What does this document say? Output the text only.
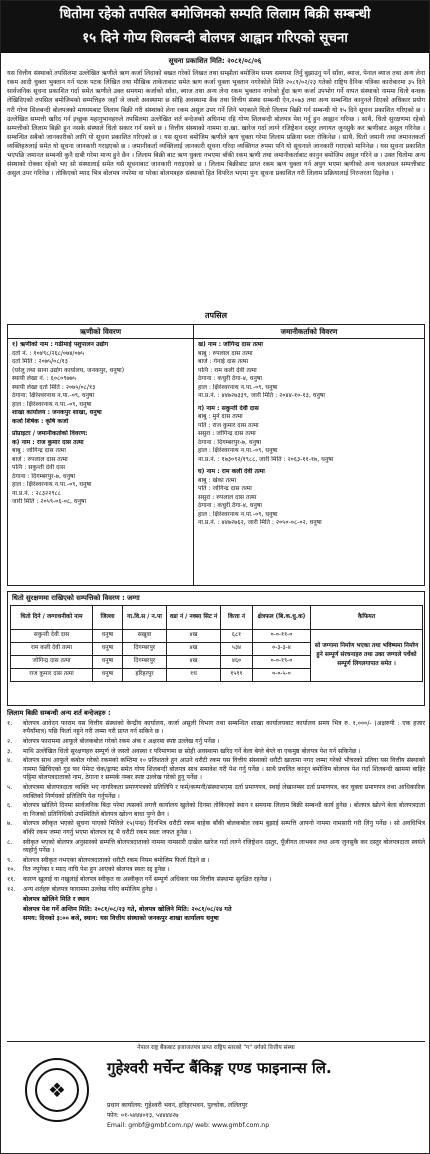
धितोमा रहेको तपसिल बमोजिमको सम्पति लिलाम बिक्री सम्बन्धी
१५ दिने गोप्य शिलबन्दी बोलपत्र आह्वान गरिएको सूचना
सूचना प्रकाशित मिति: २०८१/०८/०६
यस वित्तीय संस्थाको तपसिलमा उल्लेखित ऋणीले ऋण कर्जा लिदाको बखत गरेको लिखत तथा सम्झौता बमोजिम समय समयमा तिर्नु बुझाउनु पर्ने साँवा, ब्याज, पेनाल ब्याज तथा अन्य लेना रकम आदी चुक्ता भुक्तान गर्न पटक पटक लिखित तथा मौखिक ताकेताबाट समेत ऋण कर्जा चुक्ता भुक्तान नगरेकोले मिति २०८१/०२/२३ गतेको राष्ट्रिय दैनिक पत्रिका कारोबारमा ३५ दिने सार्वजनिक सूचना प्रकाशित गर्दा समेत ऋणीले उक्त समयमा कर्जाको साँवा, ब्याज तथा अन्य लेना रकम भुक्तान नगरेको हुँदा ऋण कर्जा उपभोग गर्ने वापत संस्थाको नाममा धितो बन्धक लेखिदिएको तपसिल बमोजिमको सम्पत्तिहरु जहाँ जे जस्तो अवस्थामा छ सोहि अवस्थामा बैंक तथा वित्तीय संस्था सम्बन्धी ऐन,२०७३ तथा अन्य सम्बन्धित कानुनले दिएको अधिकार प्रयोग गरी गोप्य शिलबन्दी बोलपत्रको माध्यमबाट लिलाम बिक्री गरी संस्थाको लेना रकम असुल उपर गर्ने लिने भएकाले धितो लिलाम बिक्री गर्न सम्बन्धी यो १५ दिने सूचना प्रकाशित गरिएको छ । उल्लेखित सम्पत्ती खरिद गर्न इच्छुक महानुभावहरुले तपसिलमा उल्लेखित शर्त बन्देजको अधिनमा रहि गोप्य शिलबन्दी बोलपत्र पेश गर्नु हुन आह्वान गरिन्छ । साथै, धितो सुरक्षणमा रहेको सम्पत्तीको लिलाम बिक्री हुन नसके संस्थाले धितो सकार गर्न सक्ने छ । वित्तीय संस्थाको नाममा दा.खा. खारेज गर्दा लाग्ने रजिष्ट्रेशन दस्तुर लगायत जुनसुकै कर ऋणीबाट असुल गरिनेछ । सम्बन्धित सबैको जानकारीको लागि यो सूचना प्रकाशित गरिएको छ । यस सूचना बमोजिम ऋणीले ऋण चुक्ता गरेमा लिलाम प्रक्रिया स्वतः रोकिनेछ । साथै, धितो जमानी तथा जमानतकर्ता व्यक्तिहरुलाई समेत यो सूचना जानकारी गराइएको छ । जमानीकर्ता व्यक्तिलाई जानकारी सूचना गरिदा व्यक्तिगत रुपमा पनि यो सूचनाले जानकारी गराएको मानिनेछ । यस सूचना प्रकाशित भएपछि जमानत सम्बन्धी कुनै दाबी गरेमा मान्य हुने छैन । लिलाम बिक्री बाट ऋण चुक्ता नभएमा बाँकी रकम ऋणी तथा जमानीकर्ताबाट कानुन बमोजिम असुल गरिने छ । उक्त धितोमा अन्य संस्थाको रोक्का रहेको भए सो संस्थालाई समेत यसै सूचनाबाट जानकारी गराइएको छ । लिलाम बिक्रीबाट प्राप्त रकम ऋण चुक्ता गर्न अपुग भएमा ऋणीको अन्य चलअचल सम्पत्तीबाट असुल उपर गरिनेछ । तोकिएको म्याद भित्र बोलपत्र नपरेमा वा परेका बोलपत्रहरु संस्थाको हित विपरित भएमा पुनः सूचना प्रकाशित गरी लिलाम प्रक्रियालाई निरन्तरता दिइनेछ ।
तपसिल
ऋणीको विवरण	जमानीकर्ताको विवरण
१) ऋणीको नाम : गढीमाई पशुपालन उद्योग
दर्ता नं. : १०४९८/२६८/०७४/०७५
दर्ता मिति : २०७५/०८/१३
(घरेलु तथा साना उद्योग कार्यालय, जनकपुर, धनुषा)
स्थायी लेखा नं. : ६०८०९७७५
स्थायी लेखा दर्ता मिति : २०७५/०८/१३
ठेगाना: क्षिरेश्वरनाथ न.पा.-०९, धनुषा
हाल : क्षिरेश्वरनाथ न.पा.-०९, धनुषा
शाखा कार्यालय : जनकपुर शाखा, धनुषा
कर्जा शिर्षक : कृषि कर्जा
प्रोप्राइटर / जमानीकर्ताको विवरण:
क) नाम : राज कुमार दास तत्मा
बाबु : जोगिन्द्र दास तत्मा
बाजे : रुपलाल दास तत्मा
पत्नि : सकुन्ती देवी दास
ठेगाना : दिगम्बरपुर-७, धनुषा
हाल : क्षिरेश्वरनाथ न.पा.-०९, धनुषा
ना.प्र.नं. : २८३२२९८८
जारी मिति : २०५९-०६-०८, धनुषा
ख) नाम : जोगिन्द्र दास तत्मा
बाबु : रुपलाल दास तत्मा
बाजे : गेनाई दास तत्मा
पत्नि : राम कली देवी तत्मा
ठेगाना : कचुरी ठेंगा-४, धनुषा
हाल : क्षिरेश्वरनाथ न.पा.-०९, धनुषा
ना.प्र.नं. : ४४७२७३३९, जारी मिति : २०४४-१०-१३, धनुषा
ग) नाम : सकुन्ती देवी दास
बाबु : मुने दास तत्मा
पति : राज कुमार दास तत्मा
ससुरा : जोगिन्द्र दास तत्मा
ठेगाना : दिगम्बरपुर-७, धनुषा
हाल : क्षिरेश्वरनाथ न.पा.-०९, धनुषा
ना.प्र.नं. : १७३०९२/१९८८, जारी मिति : २०६३-११-१७, धनुषा
घ) नाम : राम कली देवी तत्मा
बाबु : खेका तत्मा
पति : जोगिन्द्र दास तत्मा
ससुरा : रुपलाल दास तत्मा
ठेगाना : कचुरी ठेंगा-४, धनुषा
हाल : क्षिरेश्वरनाथ न.पा.-०९, धनुषा
ना.प्र.नं. : ४४७२७६२, जारी मिति : २०५०-०८-०२, धनुषा
धितो सुरक्षणमा राखिएको सम्पत्तिको विवरण : जग्गा
धितो दिने / जग्गाधनीको नाम	जिल्ला	गा.वि.स / न.पा	वडा नं / नक्सा सिट नं	कित्ता नं	क्षेत्रफल (बि.क.धु.क)	कैफियत
सकुन्ती देवी दास	धनुषा	सखुवा	४ख	६८१	०-०-११-०	सो जग्गामा निर्माण भएका तथा भविष्यमा निर्माण हुने सम्पूर्ण संरचनाहरु तथा उक्त जग्गाले पर्चेको सम्पूर्ण लिगलगापात समेत ।
राम कली देवी तत्मा	धनुषा	दिगम्बरपुर	४ख	५३४	०-३-३-४	
जोगिन्द्र दास तत्मा	धनुषा	दिगम्बरपुर	४ख	४६०	०-०-१९-०	
राज कुमार दास तत्मा	धनुषा	हरिहरपुर	१ध	१५११	०-०-५-०	
लिलाम बिक्री सम्बन्धी अन्य शर्त बन्देजहरु :
१.	बोलपत्र आवेदन फाराम यस वित्तीय संस्थाको केन्द्रीय कार्यालय, कर्जा असुली विभाग तथा सम्बन्धित शाखा कार्यालयबाट कार्यालय समय भित्र रु. १,०००/- (अक्षरुपी : एक हजार रुपैयाँमात्र) पछि फिर्ता नहुने गरी जम्मा गरी प्राप्त गर्न सकिने छ ।
२.	बोलपत्र फाराममा आफूले बोलकबोल गरेको रकम अंक र अक्षरमा स्पष्ट उल्लेख गर्नु पर्नेछ ।
३.	माथि उल्लेखित धितो सुरक्षणहरु सम्पूर्ण जे जस्तो अवस्था र परिमाणमा छ सोही अवस्थामा खरिद गर्ने बेला बेग्ले बेग्ले वा एकमुष्ठ बोलपत्र पेश गर्न सकिनेछ ।
४.	बोलपत्र साथ आफूले कबोल गरेको रकमको कम्तिमा १० प्रतिशतले हुन आउने धरौटी रकम यस वित्तीय संस्थाको धरौटी खातामा नगद जम्मा गरेको भौचरको प्रतिवा यस वित्तीय संस्थाको नाममा खिचिएको गुड फर पेमेन्ट चेक/ड्राफ्ट समेत गोप्य शिलबन्दी बोलपत्र साथ समावेश गरी पेश गर्नु पर्नेछ । साथै प्रचलित कानून बमोजिम बोलपत्र पेश गर्दा शिलबन्दी खाममा बाहिर पट्टिमा बोलपत्रदाताको नाम, ठेगाना र सम्पर्क नम्बर स्पष्ट उल्लेख गरेको हुनु पर्नेछ ।
५.	बोलपत्रमा बोलपत्रदाता व्यक्ति भए नागरिकता प्रमाणपत्रको प्रतिलिपि र फर्म/कम्पनी/संस्थाभएमा दर्ता प्रमाणपत्र, स्थाई लेखानम्बर दर्ता प्रमाणपत्र, कर चुक्ता प्रमाणपत्र तथा आधिकारिक व्यक्तिको निर्णयको प्रतिलिपि पेश गर्नुपर्नेछ ।
६.	बोलपत्र खोलिने दिनमा सार्वजनिक बिदा परेमा त्यसको लगत्तै कार्यालय खुलेको दिनमा तोकिएको स्थान र समयमा लिलाम बिक्री सम्बन्धी कार्य हुनेछ । बोलपत्र खोल्ने बेला बोलपत्रदाता वा निजको प्रतिनिधिको उपस्थितिले बोलपत्र खोल्न बाधा पुग्ने छैन ।
७.	बोलपत्र स्वीकृत भएको सूचना पाएको मितिले १५(पन्ध्र) दिनभित्र धरौटी रकम बाहेक बाँकी बोलकबोल रकम बुझाई सम्पत्ति आफ्नो नाममा नामसारी गरी लिनु पर्नेछ । सो अवधिभित्र बाँकी रकम जम्मा नगर्नु भएमा बोलपत्र रद्द भै धरौटी रकम स्वतः जफत हुनेछ ।
८.	स्वीकृत भएको बोलपत्र अनुसारको सम्पत्ति बोलपत्रदाताको नाममा नामसारी दाखेल खारेज गर्दा लाग्ने रजिष्ट्रेशन दस्तुर, पूँजीगत लाभकर तथा अन्य जुनसुकै कर दस्तुर बोलपत्रदाता स्वयंले व्यहोर्नु पर्नेछ ।
९.	बोलपत्र स्वीकृत नभएका बोलपत्रदाताको धरौटी रकम नियम बमोजिम फिर्ता दिइने छ ।
१०.	रित नपुगेका र म्याद नाघि पेश हुन आएको बोलपत्र स्वतः रद्द हुनेछ ।
११.	कारण खुलाई वा नखुलाई बोलपत्र स्वीकृत वा अस्वीकृत गर्ने सम्पूर्ण अधिकार यस वित्तीय संस्थामा सुरक्षित रहनेछ ।
१२.	अन्य शर्तहरु बोलपत्र फाराममा उल्लेख गरिए बमोजिम हुनेछ ।
बोलपत्र खोलिने मिति र स्थान
बोलपत्र पेश गर्ने अन्तिम मिति: २०८१/०८/२३ गते, बोलपत्र खोलिने मिति: २०८१/०८/२४ गते
समय: दिनको ३:०० बजे, स्थान: यस वित्तीय संस्थाको जनकपुर शाखा कार्यालय धनुषा
नेपाल राष्ट्र बैंकबाट इजाजतपत्र प्राप्त राष्ट्रिय स्तरको "ग" वर्गको वित्तीय संस्था
❖
गुहेश्वरी मर्चेन्ट बैंकिङ्ग एण्ड फाइनान्स लि.
प्रधान कार्यालय: गुहेश्वरी भवन, हरिहरभवन, पुल्चोक, ललितपुर
फोन: ०१-५४४४०१३, ५४४४४२७
Email: gmbf@gmbf.com.np/ web: www.gmbf.com.np
